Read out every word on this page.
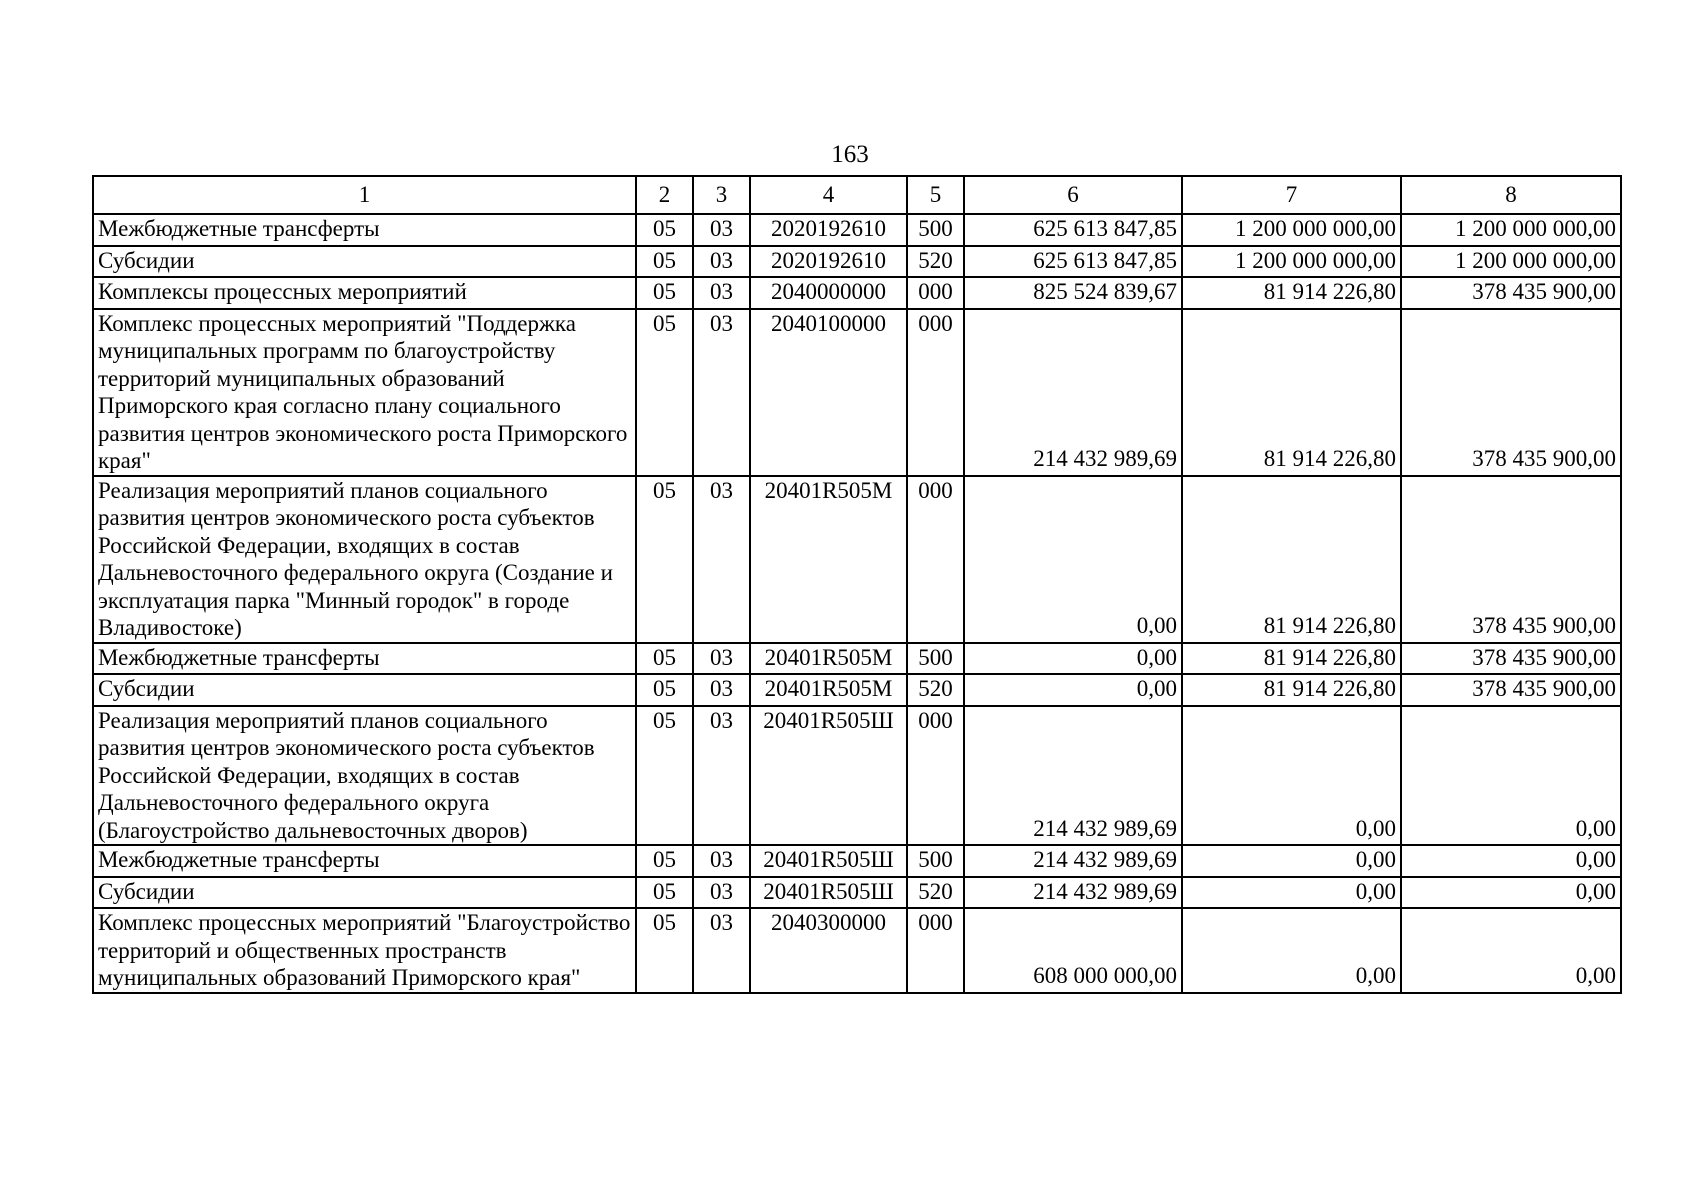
163
1	2	3	4	5	6	7	8
Межбюджетные трансферты	05	03	2020192610	500	625 613 847,85	1 200 000 000,00	1 200 000 000,00
Субсидии	05	03	2020192610	520	625 613 847,85	1 200 000 000,00	1 200 000 000,00
Комплексы процессных мероприятий	05	03	2040000000	000	825 524 839,67	81 914 226,80	378 435 900,00
Комплекс процессных мероприятий "Поддержка муниципальных программ по благоустройству территорий муниципальных образований Приморского края согласно плану социального развития центров экономического роста Приморского края"	05	03	2040100000	000	214 432 989,69	81 914 226,80	378 435 900,00
Реализация мероприятий планов социального развития центров экономического роста субъектов Российской Федерации, входящих в состав Дальневосточного федерального округа (Создание и эксплуатация парка "Минный городок" в городе Владивостоке)	05	03	20401R505M	000	0,00	81 914 226,80	378 435 900,00
Межбюджетные трансферты	05	03	20401R505M	500	0,00	81 914 226,80	378 435 900,00
Субсидии	05	03	20401R505M	520	0,00	81 914 226,80	378 435 900,00
Реализация мероприятий планов социального развития центров экономического роста субъектов Российской Федерации, входящих в состав Дальневосточного федерального округа (Благоустройство дальневосточных дворов)	05	03	20401R505Ш	000	214 432 989,69	0,00	0,00
Межбюджетные трансферты	05	03	20401R505Ш	500	214 432 989,69	0,00	0,00
Субсидии	05	03	20401R505Ш	520	214 432 989,69	0,00	0,00
Комплекс процессных мероприятий "Благоустройство территорий и общественных пространств муниципальных образований Приморского края"	05	03	2040300000	000	608 000 000,00	0,00	0,00
